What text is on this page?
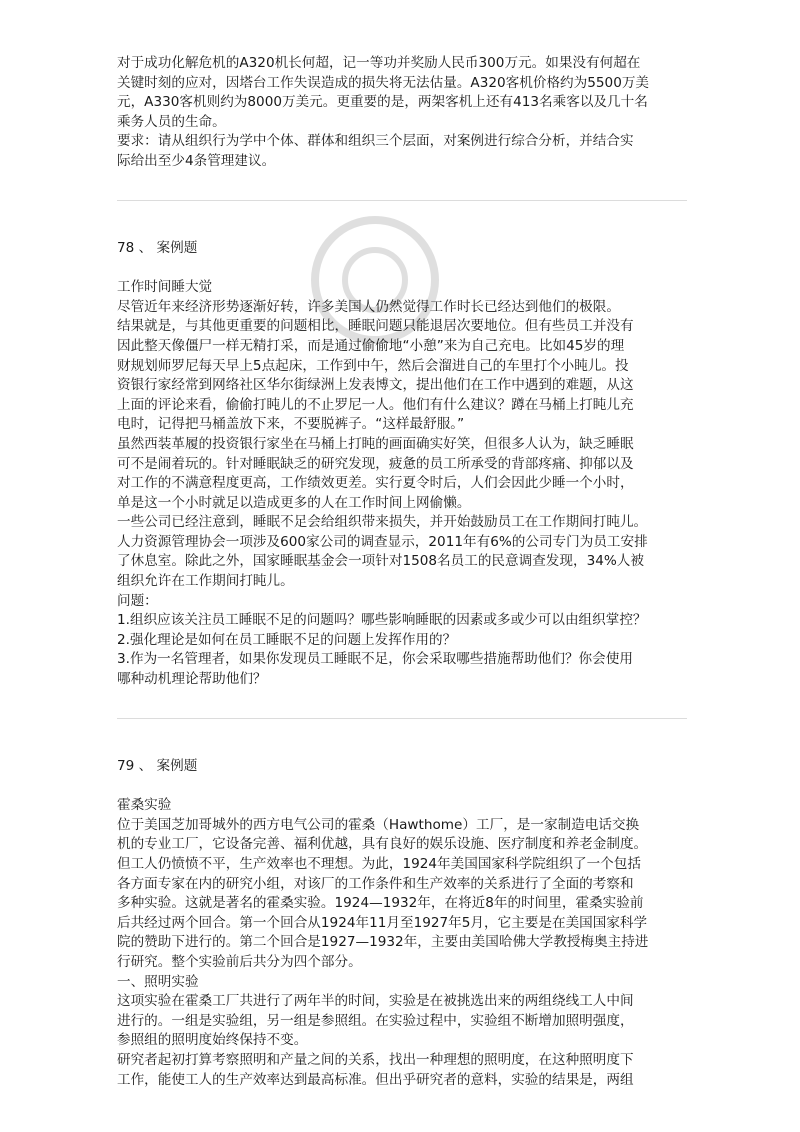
对于成功化解危机的A320机长何超，记一等功并奖励人民币300万元。如果没有何超在

关键时刻的应对，因塔台工作失误造成的损失将无法估量。A320客机价格约为5500万美

元，A330客机则约为8000万美元。更重要的是，两架客机上还有413名乘客以及几十名

乘务人员的生命。

要求：请从组织行为学中个体、群体和组织三个层面，对案例进行综合分析，并结合实

际给出至少4条管理建议。

78 、 案例题

工作时间睡大觉

尽管近年来经济形势逐渐好转，许多美国人仍然觉得工作时长已经达到他们的极限。

结果就是，与其他更重要的问题相比，睡眠问题只能退居次要地位。但有些员工并没有

因此整天像僵尸一样无精打采，而是通过偷偷地“小憩”来为自己充电。比如45岁的理

财规划师罗尼每天早上5点起床，工作到中午，然后会溜进自己的车里打个小盹儿。投

资银行家经常到网络社区华尔街绿洲上发表博文，提出他们在工作中遇到的难题，从这

上面的评论来看，偷偷打盹儿的不止罗尼一人。他们有什么建议？蹲在马桶上打盹儿充

电时，记得把马桶盖放下来，不要脱裤子。“这样最舒服。”

虽然西装革履的投资银行家坐在马桶上打盹的画面确实好笑，但很多人认为，缺乏睡眠

可不是闹着玩的。针对睡眠缺乏的研究发现，疲惫的员工所承受的背部疼痛、抑郁以及

对工作的不满意程度更高，工作绩效更差。实行夏令时后，人们会因此少睡一个小时，

单是这一个小时就足以造成更多的人在工作时间上网偷懒。

一些公司已经注意到，睡眠不足会给组织带来损失，并开始鼓励员工在工作期间打盹儿。

人力资源管理协会一项涉及600家公司的调查显示，2011年有6%的公司专门为员工安排

了休息室。除此之外，国家睡眠基金会一项针对1508名员工的民意调查发现，34%人被

组织允许在工作期间打盹儿。

问题：

1.组织应该关注员工睡眠不足的问题吗？哪些影响睡眠的因素或多或少可以由组织掌控？

2.强化理论是如何在员工睡眠不足的问题上发挥作用的？

3.作为一名管理者，如果你发现员工睡眠不足，你会采取哪些措施帮助他们？你会使用

哪种动机理论帮助他们？

79 、 案例题

霍桑实验

位于美国芝加哥城外的西方电气公司的霍桑（Hawthome）工厂，是一家制造电话交换

机的专业工厂，它设备完善、福利优越，具有良好的娱乐设施、医疗制度和养老金制度。

但工人仍愤愤不平，生产效率也不理想。为此，1924年美国国家科学院组织了一个包括

各方面专家在内的研究小组，对该厂的工作条件和生产效率的关系进行了全面的考察和

多种实验。这就是著名的霍桑实验。1924—1932年，在将近8年的时间里，霍桑实验前

后共经过两个回合。第一个回合从1924年11月至1927年5月，它主要是在美国国家科学

院的赞助下进行的。第二个回合是1927—1932年，主要由美国哈佛大学教授梅奥主持进

行研究。整个实验前后共分为四个部分。

一、照明实验

这项实验在霍桑工厂共进行了两年半的时间，实验是在被挑选出来的两组绕线工人中间

进行的。一组是实验组，另一组是参照组。在实验过程中，实验组不断增加照明强度，

参照组的照明度始终保持不变。

研究者起初打算考察照明和产量之间的关系，找出一种理想的照明度，在这种照明度下

工作，能使工人的生产效率达到最高标准。但出乎研究者的意料，实验的结果是，两组
